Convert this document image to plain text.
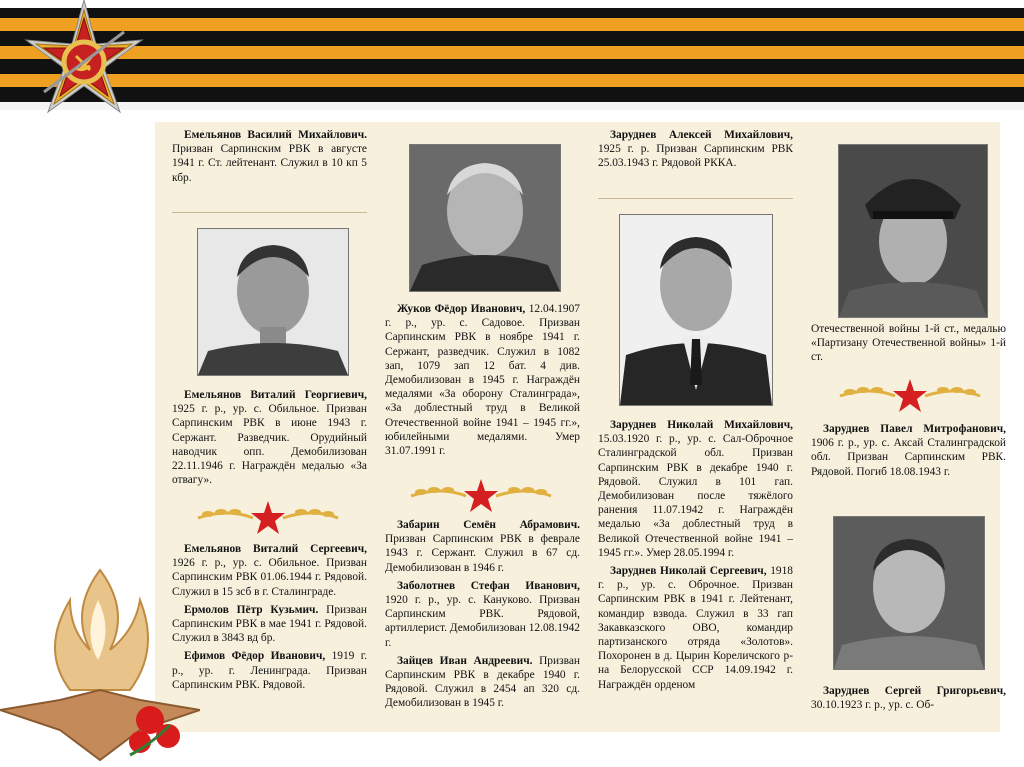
Емельянов Василий Михайлович. Призван Сарпинским РВК в августе 1941 г. Ст. лейтенант. Служил в 10 кп 5 кбр.

Емельянов Виталий Георгиевич, 1925 г. р., ур. с. Обильное. Призван Сарпинским РВК в июне 1943 г. Сержант. Разведчик. Орудийный наводчик опп. Демобилизован 22.11.1946 г. Награждён медалью «За отвагу».

Емельянов Виталий Сергеевич, 1926 г. р., ур. с. Обильное. Призван Сарпинским РВК 01.06.1944 г. Рядовой. Служил в 15 зсб в г. Сталинграде.

Ермолов Пётр Кузьмич. Призван Сарпинским РВК в мае 1941 г. Рядовой. Служил в 3843 вд бр.

Ефимов Фёдор Иванович, 1919 г. р., ур. г. Ленинграда. Призван Сарпинским РВК. Рядовой.

Жуков Фёдор Иванович, 12.04.1907 г. р., ур. с. Садовое. Призван Сарпинским РВК в ноябре 1941 г. Сержант, разведчик. Служил в 1082 зап, 1079 зап 12 бат. 4 див. Демобилизован в 1945 г. Награждён медалями «За оборону Сталинграда», «За доблестный труд в Великой Отечественной войне 1941 – 1945 гг.», юбилейными медалями. Умер 31.07.1991 г.

Забарин Семён Абрамович. Призван Сарпинским РВК в феврале 1943 г. Сержант. Служил в 67 сд. Демобилизован в 1946 г.

Заболотнев Стефан Иванович, 1920 г. р., ур. с. Кануково. Призван Сарпинским РВК. Рядовой, артиллерист. Демобилизован 12.08.1942 г.

Зайцев Иван Андреевич. Призван Сарпинским РВК в декабре 1940 г. Рядовой. Служил в 2454 ап 320 сд. Демобилизован в 1945 г.

Заруднев Алексей Михайлович, 1925 г. р. Призван Сарпинским РВК 25.03.1943 г. Рядовой РККА.

Заруднев Николай Михайлович, 15.03.1920 г. р., ур. с. Сал-Оброчное Сталинградской обл. Призван Сарпинским РВК в декабре 1940 г. Рядовой. Служил в 101 гап. Демобилизован после тяжёлого ранения 11.07.1942 г. Награждён медалью «За доблестный труд в Великой Отечественной войне 1941 – 1945 гг.». Умер 28.05.1994 г.

Заруднев Николай Сергеевич, 1918 г. р., ур. с. Оброчное. Призван Сарпинским РВК в 1941 г. Лейтенант, командир взвода. Служил в 33 гап Закавказского ОВО, командир партизанского отряда «Золотов». Похоронен в д. Цырин Кореличского р-на Белорусской ССР 14.09.1942 г. Награждён орденом

Отечественной войны 1-й ст., медалью «Партизану Отечественной войны» 1-й ст.

Заруднев Павел Митрофанович, 1906 г. р., ур. с. Аксай Сталинградской обл. Призван Сарпинским РВК. Рядовой. Погиб 18.08.1943 г.

Заруднев Сергей Григорьевич, 30.10.1923 г. р., ур. с. Об-
